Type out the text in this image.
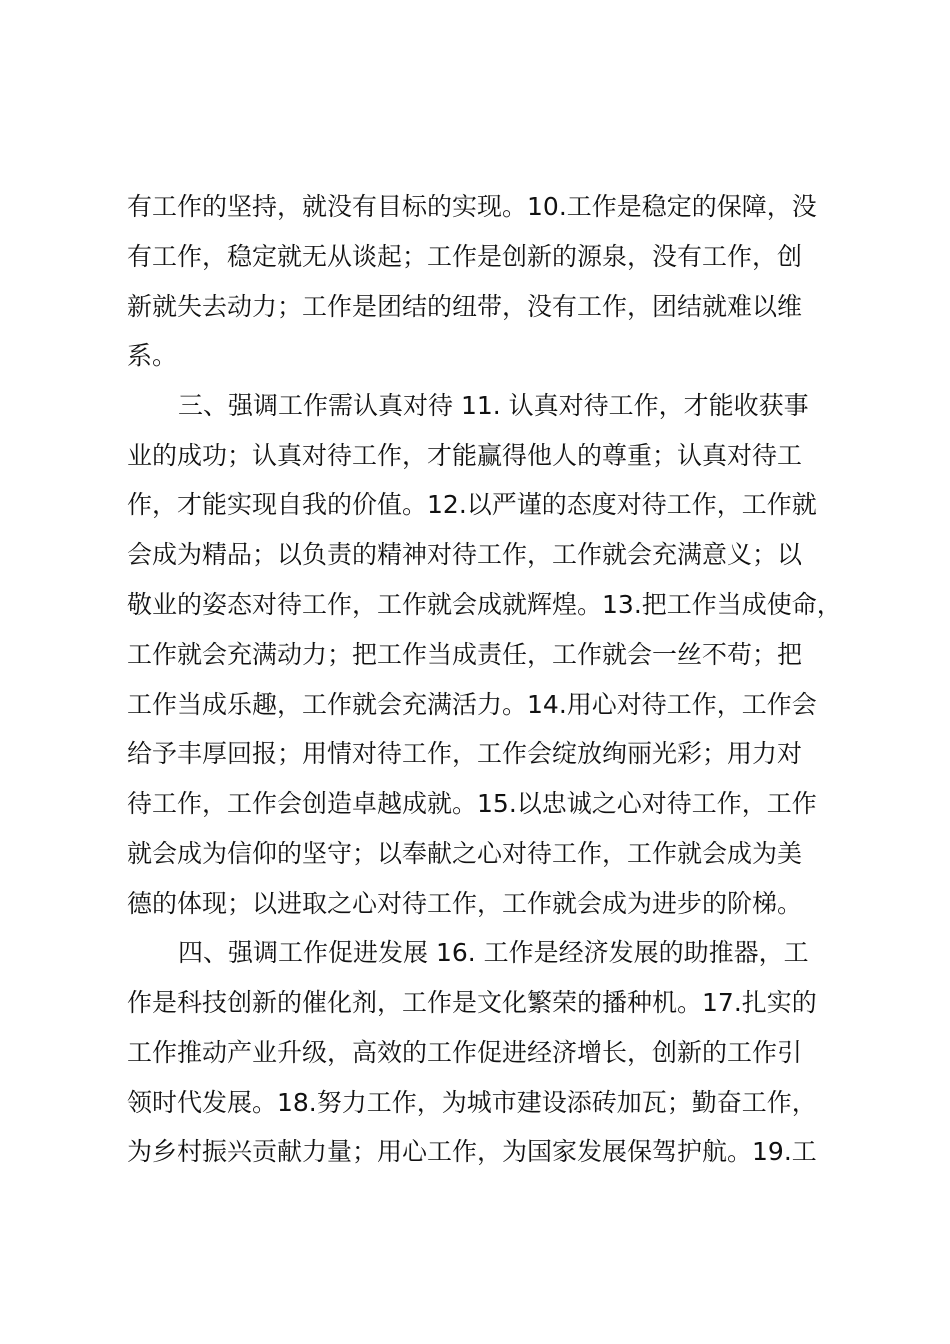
有工作的坚持，就没有目标的实现。10.工作是稳定的保障，没

有工作，稳定就无从谈起；工作是创新的源泉，没有工作，创

新就失去动力；工作是团结的纽带，没有工作，团结就难以维

系。

三、强调工作需认真对待 11. 认真对待工作，才能收获事

业的成功；认真对待工作，才能赢得他人的尊重；认真对待工

作，才能实现自我的价值。12.以严谨的态度对待工作，工作就

会成为精品；以负责的精神对待工作，工作就会充满意义；以

敬业的姿态对待工作，工作就会成就辉煌。13.把工作当成使命，

工作就会充满动力；把工作当成责任，工作就会一丝不苟；把

工作当成乐趣，工作就会充满活力。14.用心对待工作，工作会

给予丰厚回报；用情对待工作，工作会绽放绚丽光彩；用力对

待工作，工作会创造卓越成就。15.以忠诚之心对待工作，工作

就会成为信仰的坚守；以奉献之心对待工作，工作就会成为美

德的体现；以进取之心对待工作，工作就会成为进步的阶梯。

四、强调工作促进发展 16. 工作是经济发展的助推器，工

作是科技创新的催化剂，工作是文化繁荣的播种机。17.扎实的

工作推动产业升级，高效的工作促进经济增长，创新的工作引

领时代发展。18.努力工作，为城市建设添砖加瓦；勤奋工作，

为乡村振兴贡献力量；用心工作，为国家发展保驾护航。19.工
